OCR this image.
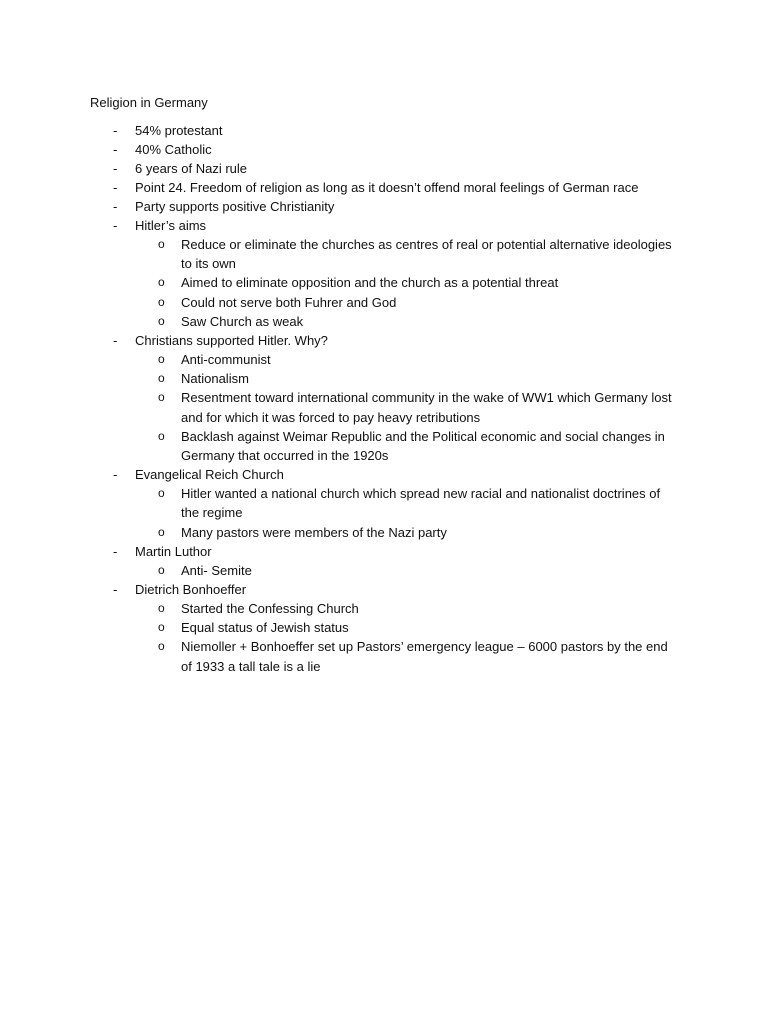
Religion in Germany
- 54% protestant
- 40% Catholic
- 6 years of Nazi rule
- Point 24. Freedom of religion as long as it doesn’t offend moral feelings of German race
- Party supports positive Christianity
- Hitler’s aims
o Reduce or eliminate the churches as centres of real or potential alternative ideologies to its own
o Aimed to eliminate opposition and the church as a potential threat
o Could not serve both Fuhrer and God
o Saw Church as weak
- Christians supported Hitler. Why?
o Anti-communist
o Nationalism
o Resentment toward international community in the wake of WW1 which Germany lost and for which it was forced to pay heavy retributions
o Backlash against Weimar Republic and the Political economic and social changes in Germany that occurred in the 1920s
- Evangelical Reich Church
o Hitler wanted a national church which spread new racial and nationalist doctrines of the regime
o Many pastors were members of the Nazi party
- Martin Luthor
o Anti- Semite
- Dietrich Bonhoeffer
o Started the Confessing Church
o Equal status of Jewish status
o Niemoller + Bonhoeffer set up Pastors’ emergency league – 6000 pastors by the end of 1933 a tall tale is a lie
